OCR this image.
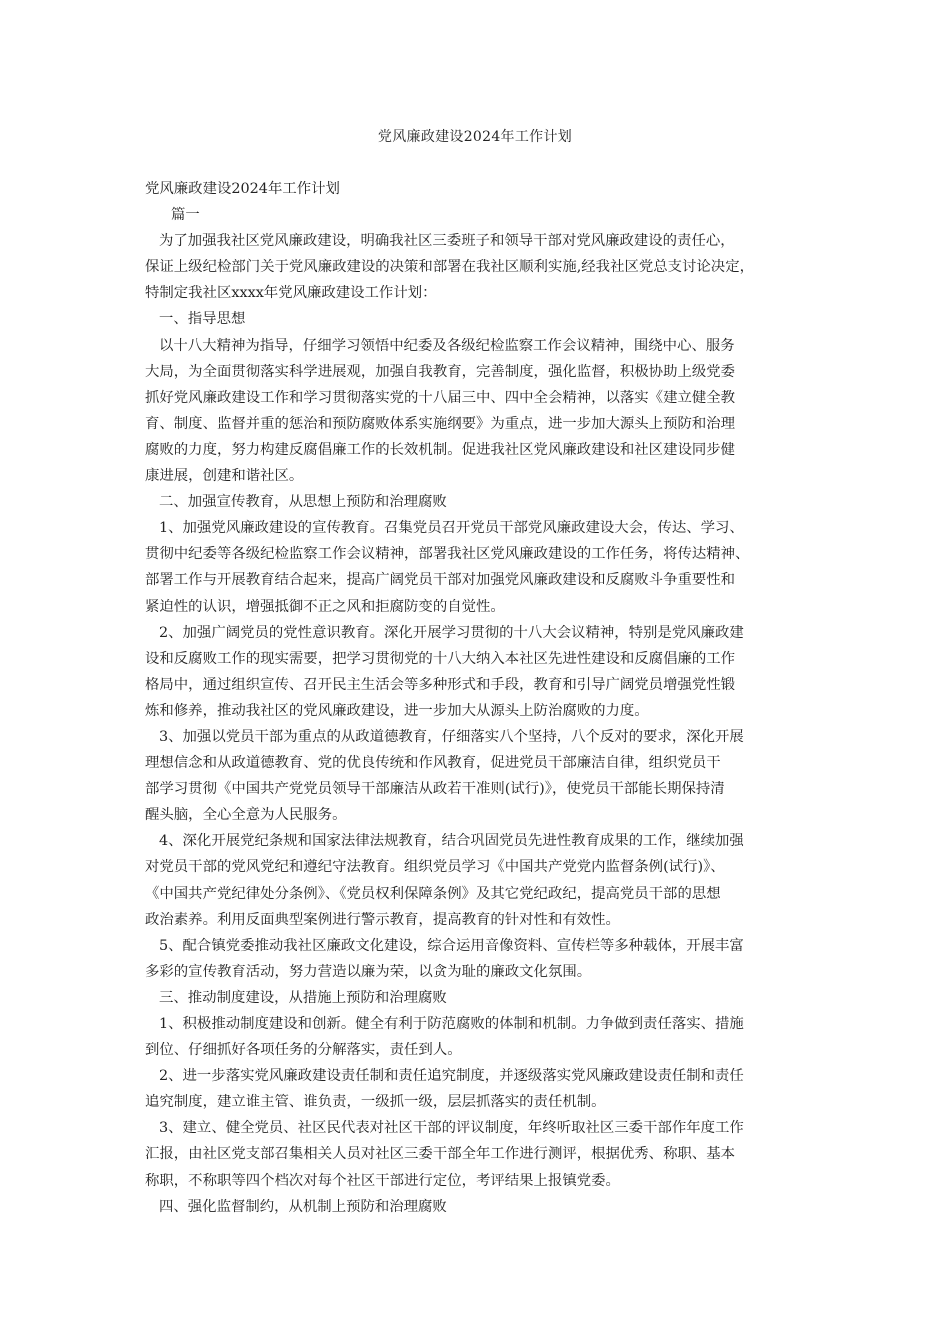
党风廉政建设2024年工作计划
党风廉政建设2024年工作计划
篇一
为了加强我社区党风廉政建设，明确我社区三委班子和领导干部对党风廉政建设的责任心，
保证上级纪检部门关于党风廉政建设的决策和部署在我社区顺利实施,经我社区党总支讨论决定，
特制定我社区xxxx年党风廉政建设工作计划：
一、指导思想
以十八大精神为指导，仔细学习领悟中纪委及各级纪检监察工作会议精神，围绕中心、服务
大局，为全面贯彻落实科学进展观，加强自我教育，完善制度，强化监督，积极协助上级党委
抓好党风廉政建设工作和学习贯彻落实党的十八届三中、四中全会精神，以落实《建立健全教
育、制度、监督并重的惩治和预防腐败体系实施纲要》为重点，进一步加大源头上预防和治理
腐败的力度，努力构建反腐倡廉工作的长效机制。促进我社区党风廉政建设和社区建设同步健
康进展，创建和谐社区。
二、加强宣传教育，从思想上预防和治理腐败
1、加强党风廉政建设的宣传教育。召集党员召开党员干部党风廉政建设大会，传达、学习、
贯彻中纪委等各级纪检监察工作会议精神，部署我社区党风廉政建设的工作任务，将传达精神、
部署工作与开展教育结合起来，提高广阔党员干部对加强党风廉政建设和反腐败斗争重要性和
紧迫性的认识，增强抵御不正之风和拒腐防变的自觉性。
2、加强广阔党员的党性意识教育。深化开展学习贯彻的十八大会议精神，特别是党风廉政建
设和反腐败工作的现实需要，把学习贯彻党的十八大纳入本社区先进性建设和反腐倡廉的工作
格局中，通过组织宣传、召开民主生活会等多种形式和手段，教育和引导广阔党员增强党性锻
炼和修养，推动我社区的党风廉政建设，进一步加大从源头上防治腐败的力度。
3、加强以党员干部为重点的从政道德教育，仔细落实八个坚持，八个反对的要求，深化开展
理想信念和从政道德教育、党的优良传统和作风教育，促进党员干部廉洁自律，组织党员干
部学习贯彻《中国共产党党员领导干部廉洁从政若干准则(试行)》，使党员干部能长期保持清
醒头脑，全心全意为人民服务。
4、深化开展党纪条规和国家法律法规教育，结合巩固党员先进性教育成果的工作，继续加强
对党员干部的党风党纪和遵纪守法教育。组织党员学习《中国共产党党内监督条例(试行)》、
《中国共产党纪律处分条例》、《党员权利保障条例》及其它党纪政纪，提高党员干部的思想
政治素养。利用反面典型案例进行警示教育，提高教育的针对性和有效性。
5、配合镇党委推动我社区廉政文化建设，综合运用音像资料、宣传栏等多种载体，开展丰富
多彩的宣传教育活动，努力营造以廉为荣，以贪为耻的廉政文化氛围。
三、推动制度建设，从措施上预防和治理腐败
1、积极推动制度建设和创新。健全有利于防范腐败的体制和机制。力争做到责任落实、措施
到位、仔细抓好各项任务的分解落实，责任到人。
2、进一步落实党风廉政建设责任制和责任追究制度，并逐级落实党风廉政建设责任制和责任
追究制度，建立谁主管、谁负责，一级抓一级，层层抓落实的责任机制。
3、建立、健全党员、社区民代表对社区干部的评议制度，年终听取社区三委干部作年度工作
汇报，由社区党支部召集相关人员对社区三委干部全年工作进行测评，根据优秀、称职、基本
称职，不称职等四个档次对每个社区干部进行定位，考评结果上报镇党委。
四、强化监督制约，从机制上预防和治理腐败
